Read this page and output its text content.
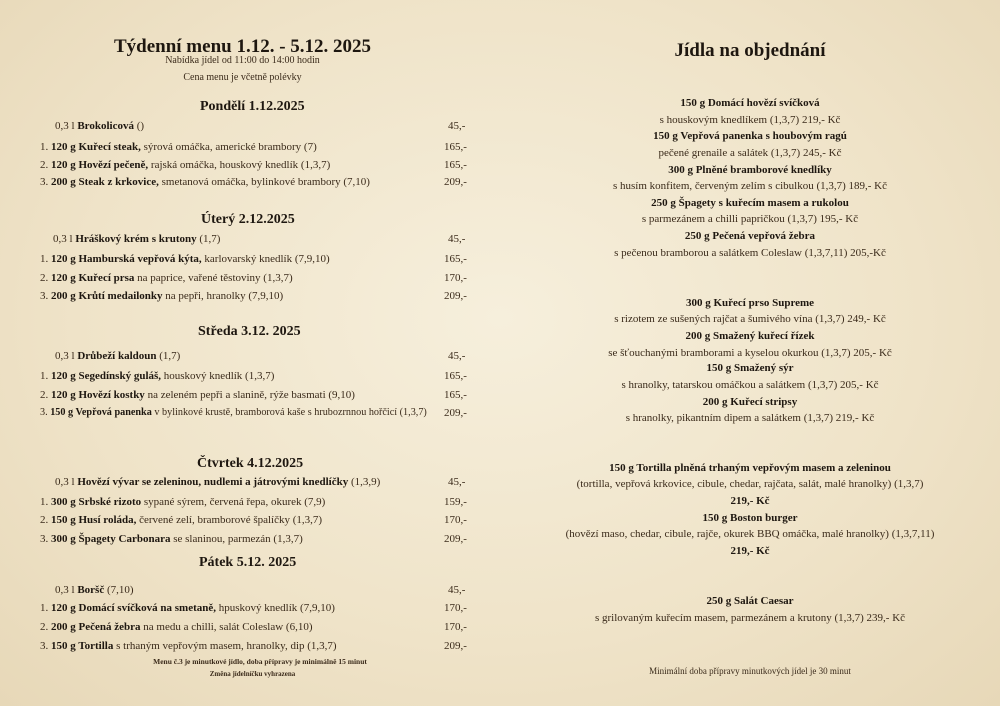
Týdenní menu 1.12. - 5.12. 2025
Nabídka jídel od 11:00 do 14:00 hodin
Cena menu je včetně polévky
Pondělí 1.12.2025
0,3 l Brokolicová ()	45,-
1. 120 g Kuřecí steak, sýrová omáčka, americké brambory (7)	165,-
2. 120 g Hovězí pečeně, rajská omáčka, houskový knedlík (1,3,7)	165,-
3. 200 g Steak z krkovice, smetanová omáčka, bylinkové brambory (7,10)	209,-
Úterý 2.12.2025
0,3 l Hráškový krém s krutony (1,7)	45,-
1. 120 g Hamburská vepřová kýta, karlovarský knedlík (7,9,10)	165,-
2. 120 g Kuřecí prsa na paprice, vařené těstoviny (1,3,7)	170,-
3. 200 g Krůtí medailonky na pepři, hranolky (7,9,10)	209,-
Středa 3.12. 2025
0,3 l Drůbeží kaldoun (1,7)	45,-
1. 120 g Segedínský guláš, houskový knedlík (1,3,7)	165,-
2. 120 g Hovězí kostky na zeleném pepři a slanině, rýže basmati (9,10)	165,-
3. 150 g Vepřová panenka v bylinkové krustě, bramborová kaše s hrubozrnnou hořčicí (1,3,7) 209,-
Čtvrtek 4.12.2025
0,3 l Hovězí vývar se zeleninou, nudlemi a játrovými knedlíčky (1,3,9)	45,-
1. 300 g Srbské rizoto sypané sýrem, červená řepa, okurek (7,9)	159,-
2. 150 g Husí roláda, červené zelí, bramborové špalíčky (1,3,7)	170,-
3. 300 g Špagety Carbonara se slaninou, parmezán (1,3,7)	209,-
Pátek 5.12. 2025
0,3 l Boršč (7,10)	45,-
1. 120 g Domácí svíčková na smetaně, hpuskový knedlík (7,9,10)	170,-
2. 200 g Pečená žebra na medu a chilli, salát Coleslaw (6,10)	170,-
3. 150 g Tortilla s trhaným vepřovým masem, hranolky, dip (1,3,7)	209,-
Menu č.3 je minutkové jídlo, doba přípravy je minimálně 15 minut
Změna jídelníčku vyhrazena
Jídla na objednání
150 g Domácí hovězí svíčková
s houskovým knedlíkem (1,3,7) 219,- Kč
150 g Vepřová panenka s houbovým ragú
pečené grenaile a salátek (1,3,7) 245,- Kč
300 g Plněné bramborové knedlíky
s husím konfitem, červeným zelím s cibulkou (1,3,7) 189,- Kč
250 g Špagety s kuřecím masem a rukolou
s parmezánem a chilli papričkou (1,3,7) 195,- Kč
250 g Pečená vepřová žebra
s pečenou bramborou a salátkem Coleslaw (1,3,7,11) 205,-Kč
300 g Kuřecí prso Supreme
s rizotem ze sušených rajčat a šumivého vína (1,3,7) 249,- Kč
200 g Smažený kuřecí řízek
se šťouchanými bramborami a kyselou okurkou (1,3,7) 205,- Kč
150 g Smažený sýr
s hranolky, tatarskou omáčkou a salátkem (1,3,7) 205,- Kč
200 g Kuřecí stripsy
s hranolky, pikantním dipem a salátkem (1,3,7) 219,- Kč
150 g Tortilla plněná trhaným vepřovým masem a zeleninou
(tortilla, vepřová krkovice, cibule, chedar, rajčata, salát, malé hranolky) (1,3,7)
219,- Kč
150 g Boston burger
(hovězí maso, chedar, cibule, rajče, okurek BBQ omáčka, malé hranolky) (1,3,7,11)
219,- Kč
250 g Salát Caesar
s grilovaným kuřecím masem, parmezánem a krutony (1,3,7) 239,- Kč
Minimální doba přípravy minutkových jídel je 30 minut
